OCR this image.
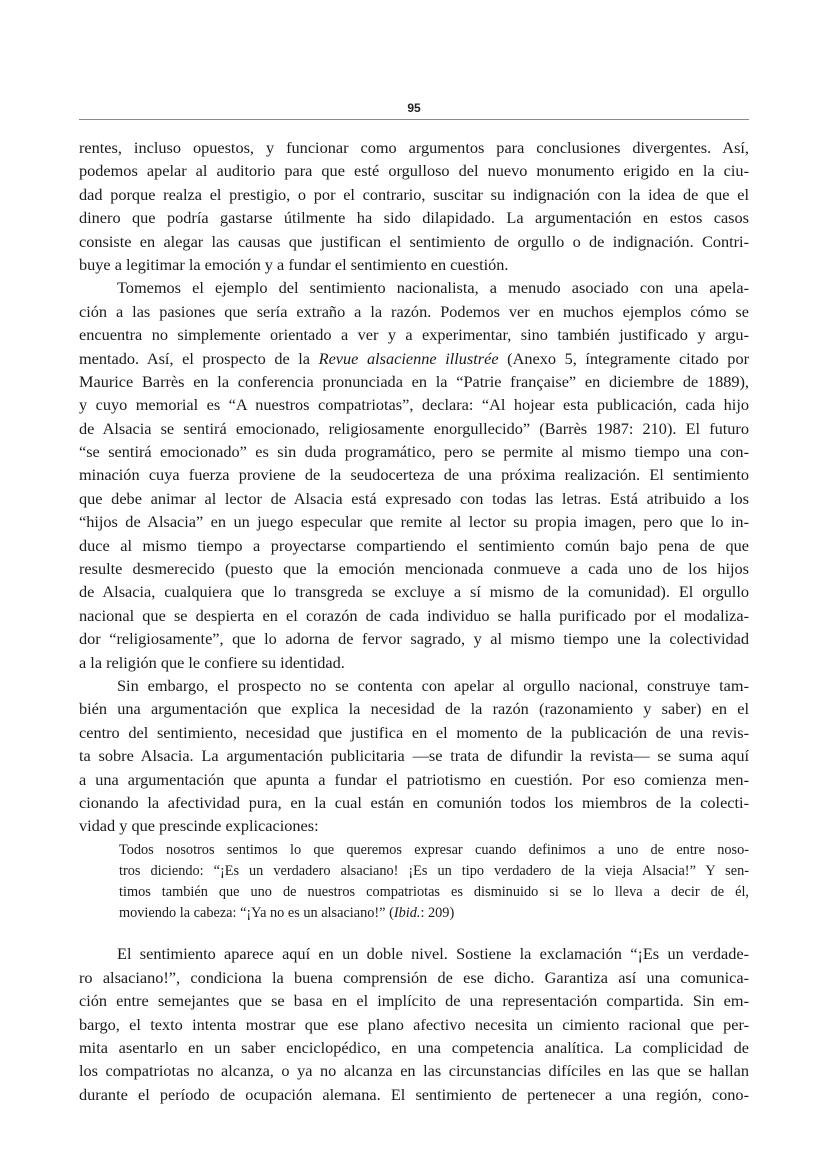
95

rentes, incluso opuestos, y funcionar como argumentos para conclusiones divergentes. Así,
podemos apelar al auditorio para que esté orgulloso del nuevo monumento erigido en la ciu-
dad porque realza el prestigio, o por el contrario, suscitar su indignación con la idea de que el
dinero que podría gastarse útilmente ha sido dilapidado. La argumentación en estos casos
consiste en alegar las causas que justifican el sentimiento de orgullo o de indignación. Contri-
buye a legitimar la emoción y a fundar el sentimiento en cuestión.

Tomemos el ejemplo del sentimiento nacionalista, a menudo asociado con una apela-
ción a las pasiones que sería extraño a la razón. Podemos ver en muchos ejemplos cómo se
encuentra no simplemente orientado a ver y a experimentar, sino también justificado y argu-
mentado. Así, el prospecto de la Revue alsacienne illustrée (Anexo 5, íntegramente citado por
Maurice Barrès en la conferencia pronunciada en la “Patrie française” en diciembre de 1889),
y cuyo memorial es “A nuestros compatriotas”, declara: “Al hojear esta publicación, cada hijo
de Alsacia se sentirá emocionado, religiosamente enorgullecido” (Barrès 1987: 210). El futuro
“se sentirá emocionado” es sin duda programático, pero se permite al mismo tiempo una con-
minación cuya fuerza proviene de la seudocerteza de una próxima realización. El sentimiento
que debe animar al lector de Alsacia está expresado con todas las letras. Está atribuido a los
“hijos de Alsacia” en un juego especular que remite al lector su propia imagen, pero que lo in-
duce al mismo tiempo a proyectarse compartiendo el sentimiento común bajo pena de que
resulte desmerecido (puesto que la emoción mencionada conmueve a cada uno de los hijos
de Alsacia, cualquiera que lo transgreda se excluye a sí mismo de la comunidad). El orgullo
nacional que se despierta en el corazón de cada individuo se halla purificado por el modaliza-
dor “religiosamente”, que lo adorna de fervor sagrado, y al mismo tiempo une la colectividad
a la religión que le confiere su identidad.

Sin embargo, el prospecto no se contenta con apelar al orgullo nacional, construye tam-
bién una argumentación que explica la necesidad de la razón (razonamiento y saber) en el
centro del sentimiento, necesidad que justifica en el momento de la publicación de una revis-
ta sobre Alsacia. La argumentación publicitaria —se trata de difundir la revista— se suma aquí
a una argumentación que apunta a fundar el patriotismo en cuestión. Por eso comienza men-
cionando la afectividad pura, en la cual están en comunión todos los miembros de la colecti-
vidad y que prescinde explicaciones:

Todos nosotros sentimos lo que queremos expresar cuando definimos a uno de entre noso-
tros diciendo: “¡Es un verdadero alsaciano! ¡Es un tipo verdadero de la vieja Alsacia!” Y sen-
timos también que uno de nuestros compatriotas es disminuido si se lo lleva a decir de él,
moviendo la cabeza: “¡Ya no es un alsaciano!” (Ibid.: 209)

El sentimiento aparece aquí en un doble nivel. Sostiene la exclamación “¡Es un verdade-
ro alsaciano!”, condiciona la buena comprensión de ese dicho. Garantiza así una comunica-
ción entre semejantes que se basa en el implícito de una representación compartida. Sin em-
bargo, el texto intenta mostrar que ese plano afectivo necesita un cimiento racional que per-
mita asentarlo en un saber enciclopédico, en una competencia analítica. La complicidad de
los compatriotas no alcanza, o ya no alcanza en las circunstancias difíciles en las que se hallan
durante el período de ocupación alemana. El sentimiento de pertenecer a una región, cono-
